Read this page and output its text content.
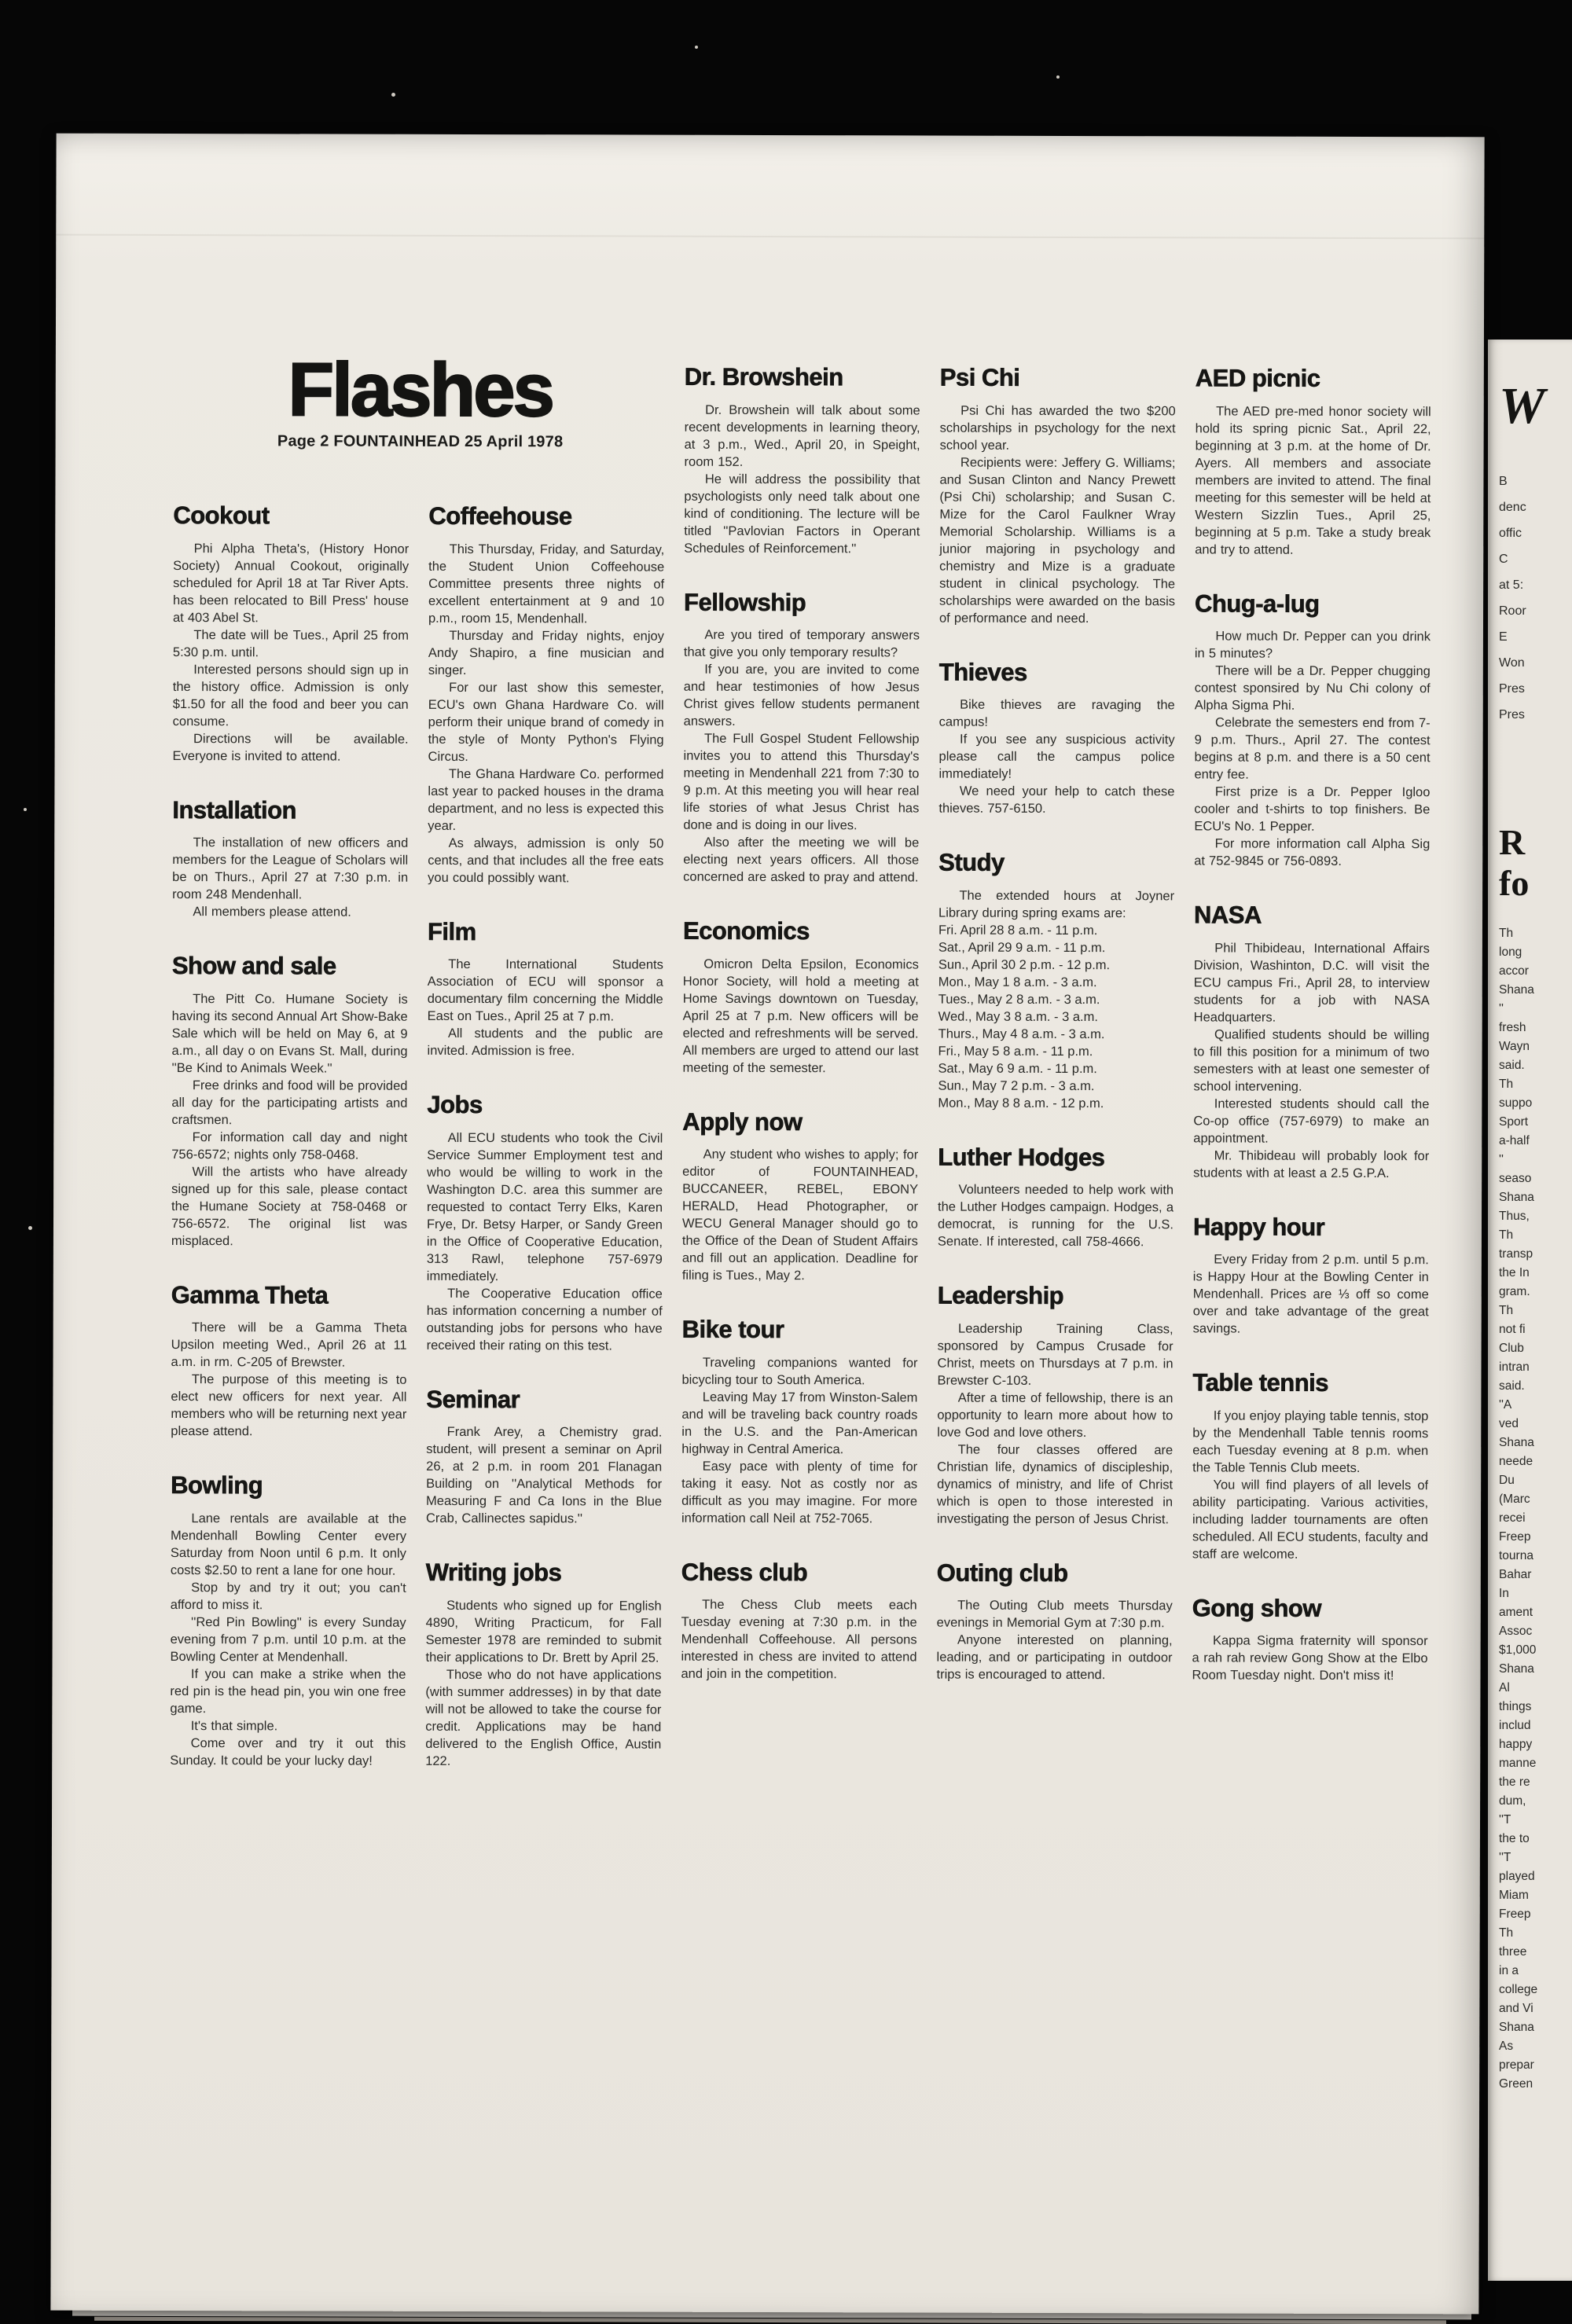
Cookout

Phi Alpha Theta's, (History Honor Society) Annual Cookout, originally scheduled for April 18 at Tar River Apts. has been relocated to Bill Press' house at 403 Abel St.

The date will be Tues., April 25 from 5:30 p.m. until.

Interested persons should sign up in the history office. Admission is only $1.50 for all the food and beer you can consume.

Directions will be available. Everyone is invited to attend.

Installation

The installation of new officers and members for the League of Scholars will be on Thurs., April 27 at 7:30 p.m. in room 248 Mendenhall.

All members please attend.

Show and sale

The Pitt Co. Humane Society is having its second Annual Art Show-Bake Sale which will be held on May 6, at 9 a.m., all day o on Evans St. Mall, during ''Be Kind to Animals Week.''

Free drinks and food will be provided all day for the participating artists and craftsmen.

For information call day and night 756-6572; nights only 758-0468.

Will the artists who have already signed up for this sale, please contact the Humane Society at 758-0468 or 756-6572. The original list was misplaced.

Gamma Theta

There will be a Gamma Theta Upsilon meeting Wed., April 26 at 11 a.m. in rm. C-205 of Brewster.

The purpose of this meeting is to elect new officers for next year. All members who will be returning next year please attend.

Bowling

Lane rentals are available at the Mendenhall Bowling Center every Saturday from Noon until 6 p.m. It only costs $2.50 to rent a lane for one hour.

Stop by and try it out; you can't afford to miss it.

''Red Pin Bowling'' is every Sunday evening from 7 p.m. until 10 p.m. at the Bowling Center at Mendenhall.

If you can make a strike when the red pin is the head pin, you win one free game.

It's that simple.

Come over and try it out this Sunday. It could be your lucky day!

Coffeehouse

This Thursday, Friday, and Saturday, the Student Union Coffeehouse Committee presents three nights of excellent entertainment at 9 and 10 p.m., room 15, Mendenhall.

Thursday and Friday nights, enjoy Andy Shapiro, a fine musician and singer.

For our last show this semester, ECU's own Ghana Hardware Co. will perform their unique brand of comedy in the style of Monty Python's Flying Circus.

The Ghana Hardware Co. performed last year to packed houses in the drama department, and no less is expected this year.

As always, admission is only 50 cents, and that includes all the free eats you could possibly want.

Film

The International Students Association of ECU will sponsor a documentary film concerning the Middle East on Tues., April 25 at 7 p.m.

All students and the public are invited. Admission is free.

Jobs

All ECU students who took the Civil Service Summer Employment test and who would be willing to work in the Washington D.C. area this summer are requested to contact Terry Elks, Karen Frye, Dr. Betsy Harper, or Sandy Green in the Office of Cooperative Education, 313 Rawl, telephone 757-6979 immediately.

The Cooperative Education office has information concerning a number of outstanding jobs for persons who have received their rating on this test.

Seminar

Frank Arey, a Chemistry grad. student, will present a seminar on April 26, at 2 p.m. in room 201 Flanagan Building on ''Analytical Methods for Measuring F and Ca Ions in the Blue Crab, Callinectes sapidus.''

Writing jobs

Students who signed up for English 4890, Writing Practicum, for Fall Semester 1978 are reminded to submit their applications to Dr. Brett by April 25.

Those who do not have applications (with summer addresses) in by that date will not be allowed to take the course for credit. Applications may be hand delivered to the English Office, Austin 122.

Dr. Browshein

Dr. Browshein will talk about some recent developments in learning theory, at 3 p.m., Wed., April 20, in Speight, room 152.

He will address the possibility that psychologists only need talk about one kind of conditioning. The lecture will be titled ''Pavlovian Factors in Operant Schedules of Reinforcement.''

Fellowship

Are you tired of temporary answers that give you only temporary results?

If you are, you are invited to come and hear testimonies of how Jesus Christ gives fellow students permanent answers.

The Full Gospel Student Fellowship invites you to attend this Thursday's meeting in Mendenhall 221 from 7:30 to 9 p.m. At this meeting you will hear real life stories of what Jesus Christ has done and is doing in our lives.

Also after the meeting we will be electing next years officers. All those concerned are asked to pray and attend.

Economics

Omicron Delta Epsilon, Economics Honor Society, will hold a meeting at Home Savings downtown on Tuesday, April 25 at 7 p.m. New officers will be elected and refreshments will be served. All members are urged to attend our last meeting of the semester.

Apply now

Any student who wishes to apply; for editor of FOUNTAINHEAD, BUCCANEER, REBEL, EBONY HERALD, Head Photographer, or WECU General Manager should go to the Office of the Dean of Student Affairs and fill out an application. Deadline for filing is Tues., May 2.

Bike tour

Traveling companions wanted for bicycling tour to South America.

Leaving May 17 from Winston-Salem and will be traveling back country roads in the U.S. and the Pan-American highway in Central America.

Easy pace with plenty of time for taking it easy. Not as costly nor as difficult as you may imagine. For more information call Neil at 752-7065.

Chess club

The Chess Club meets each Tuesday evening at 7:30 p.m. in the Mendenhall Coffeehouse. All persons interested in chess are invited to attend and join in the competition.

Psi Chi

Psi Chi has awarded the two $200 scholarships in psychology for the next school year.

Recipients were: Jeffery G. Williams; and Susan Clinton and Nancy Prewett (Psi Chi) scholarship; and Susan C. Mize for the Carol Faulkner Wray Memorial Scholarship. Williams is a junior majoring in psychology and chemistry and Mize is a graduate student in clinical psychology. The scholarships were awarded on the basis of performance and need.

Thieves

Bike thieves are ravaging the campus!

If you see any suspicious activity please call the campus police immediately!

We need your help to catch these thieves. 757-6150.

Study

The extended hours at Joyner Library during spring exams are:

Fri. April 28 8 a.m. - 11 p.m.
Sat., April 29 9 a.m. - 11 p.m.
Sun., April 30 2 p.m. - 12 p.m.
Mon., May 1 8 a.m. - 3 a.m.
Tues., May 2 8 a.m. - 3 a.m.
Wed., May 3 8 a.m. - 3 a.m.
Thurs., May 4 8 a.m. - 3 a.m.
Fri., May 5 8 a.m. - 11 p.m.
Sat., May 6 9 a.m. - 11 p.m.
Sun., May 7 2 p.m. - 3 a.m.
Mon., May 8 8 a.m. - 12 p.m.
Luther Hodges

Volunteers needed to help work with the Luther Hodges campaign. Hodges, a democrat, is running for the U.S. Senate. If interested, call 758-4666.

Leadership

Leadership Training Class, sponsored by Campus Crusade for Christ, meets on Thursdays at 7 p.m. in Brewster C-103.

After a time of fellowship, there is an opportunity to learn more about how to love God and love others.

The four classes offered are Christian life, dynamics of discipleship, dynamics of ministry, and life of Christ which is open to those interested in investigating the person of Jesus Christ.

Outing club

The Outing Club meets Thursday evenings in Memorial Gym at 7:30 p.m.

Anyone interested on planning, leading, and or participating in outdoor trips is encouraged to attend.

AED picnic

The AED pre-med honor society will hold its spring picnic Sat., April 22, beginning at 3 p.m. at the home of Dr. Ayers. All members and associate members are invited to attend. The final meeting for this semester will be held at Western Sizzlin Tues., April 25, beginning at 5 p.m. Take a study break and try to attend.

Chug-a-lug

How much Dr. Pepper can you drink in 5 minutes?

There will be a Dr. Pepper chugging contest sponsired by Nu Chi colony of Alpha Sigma Phi.

Celebrate the semesters end from 7-9 p.m. Thurs., April 27. The contest begins at 8 p.m. and there is a 50 cent entry fee.

First prize is a Dr. Pepper Igloo cooler and t-shirts to top finishers. Be ECU's No. 1 Pepper.

For more information call Alpha Sig at 752-9845 or 756-0893.

NASA

Phil Thibideau, International Affairs Division, Washinton, D.C. will visit the ECU campus Fri., April 28, to interview students for a job with NASA Headquarters.

Qualified students should be willing to fill this position for a minimum of two semesters with at least one semester of school intervening.

Interested students should call the Co-op office (757-6979) to make an appointment.

Mr. Thibideau will probably look for students with at least a 2.5 G.P.A.

Happy hour

Every Friday from 2 p.m. until 5 p.m. is Happy Hour at the Bowling Center in Mendenhall. Prices are ⅓ off so come over and take advantage of the great savings.

Table tennis

If you enjoy playing table tennis, stop by the Mendenhall Table tennis rooms each Tuesday evening at 8 p.m. when the Table Tennis Club meets.

You will find players of all levels of ability participating. Various activities, including ladder tournaments are often scheduled. All ECU students, faculty and staff are welcome.

Gong show

Kappa Sigma fraternity will sponsor a rah rah review Gong Show at the Elbo Room Tuesday night. Don't miss it!

Flashes
Page 2 FOUNTAINHEAD 25 April 1978
W
B
denc
offic
C
at 5:
Roor
E
Won
Pres
Pres
R
fo
Th
long
accor
Shana
''
fresh
Wayn
said.
Th
suppo
Sport
a-half
''
seaso
Shana
Thus,
Th
transp
the In
gram.
Th
not fi
Club
intran
said.
''A
ved
Shana
neede
Du
(Marc
recei
Freep
tourna
Bahar
In
ament
Assoc
$1,000
Shana
Al
things
includ
happy
manne
the re
dum,
''T
the to
''T
played
Miam
Freep
Th
three
in a
college
and Vi
Shana
As
prepar
Green
